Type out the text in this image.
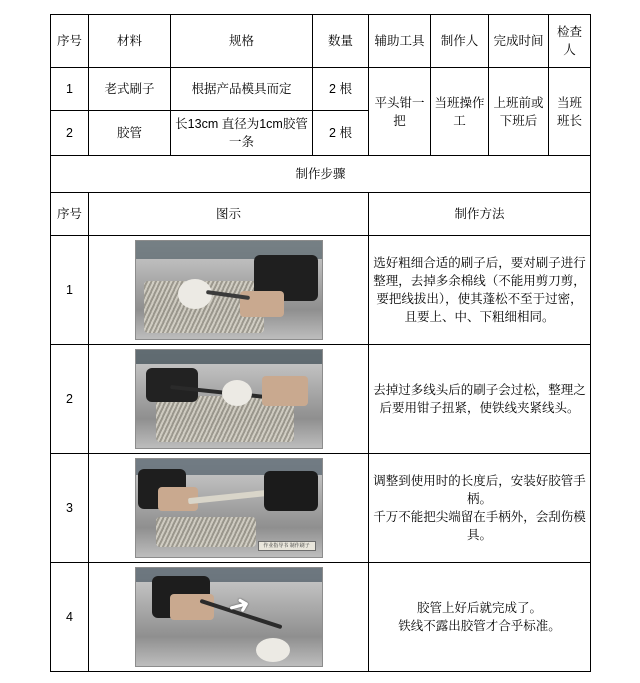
序号	材料	规格	数量	辅助工具	制作人	完成时间	检查人
1	老式刷子	根据产品模具而定	2 根	平头钳一把	当班操作工	上班前或下班后	当班班长
2	胶管	长13cm 直径为1cm胶管一条	2 根				
制作步骤							
序号	图示			制作方法			
1				选好粗细合适的刷子后，要对刷子进行整理，去掉多余棉线（不能用剪刀剪，要把线拔出），使其蓬松不至于过密，且要上、中、下粗细相同。			
2				去掉过多线头后的刷子会过松，整理之后要用钳子扭紧，使铁线夹紧线头。			
3	作业指导书 制作刷子			调整到使用时的长度后，安装好胶管手柄。

千万不能把尖端留在手柄外，会刮伤模具。			

4	➜			胶管上好后就完成了。

铁线不露出胶管才合乎标准。			
